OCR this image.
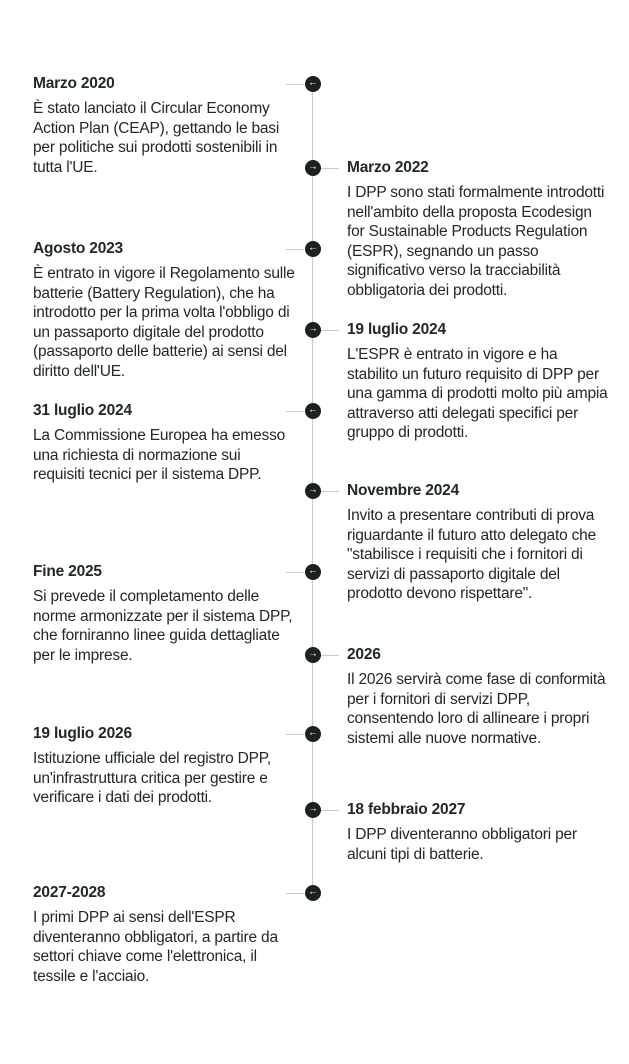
Marzo 2020

È stato lanciato il Circular Economy Action Plan (CEAP), gettando le basi per politiche sui prodotti sostenibili in tutta l'UE.

←
Marzo 2022

I DPP sono stati formalmente introdotti nell'ambito della proposta Ecodesign for Sustainable Products Regulation (ESPR), segnando un passo significativo verso la tracciabilità obbligatoria dei prodotti.

→
Agosto 2023

È entrato in vigore il Regolamento sulle batterie (Battery Regulation), che ha introdotto per la prima volta l'obbligo di un passaporto digitale del prodotto (passaporto delle batterie) ai sensi del diritto dell'UE.

←
19 luglio 2024

L'ESPR è entrato in vigore e ha stabilito un futuro requisito di DPP per una gamma di prodotti molto più ampia attraverso atti delegati specifici per gruppo di prodotti.

→
31 luglio 2024

La Commissione Europea ha emesso una richiesta di normazione sui requisiti tecnici per il sistema DPP.

←
Novembre 2024

Invito a presentare contributi di prova riguardante il futuro atto delegato che "stabilisce i requisiti che i fornitori di servizi di passaporto digitale del prodotto devono rispettare".

→
Fine 2025

Si prevede il completamento delle norme armonizzate per il sistema DPP, che forniranno linee guida dettagliate per le imprese.

←
2026

Il 2026 servirà come fase di conformità per i fornitori di servizi DPP, consentendo loro di allineare i propri sistemi alle nuove normative.

→
19 luglio 2026

Istituzione ufficiale del registro DPP, un'infrastruttura critica per gestire e verificare i dati dei prodotti.

←
18 febbraio 2027

I DPP diventeranno obbligatori per alcuni tipi di batterie.

→
2027-2028

I primi DPP ai sensi dell'ESPR diventeranno obbligatori, a partire da settori chiave come l'elettronica, il tessile e l'acciaio.

←
